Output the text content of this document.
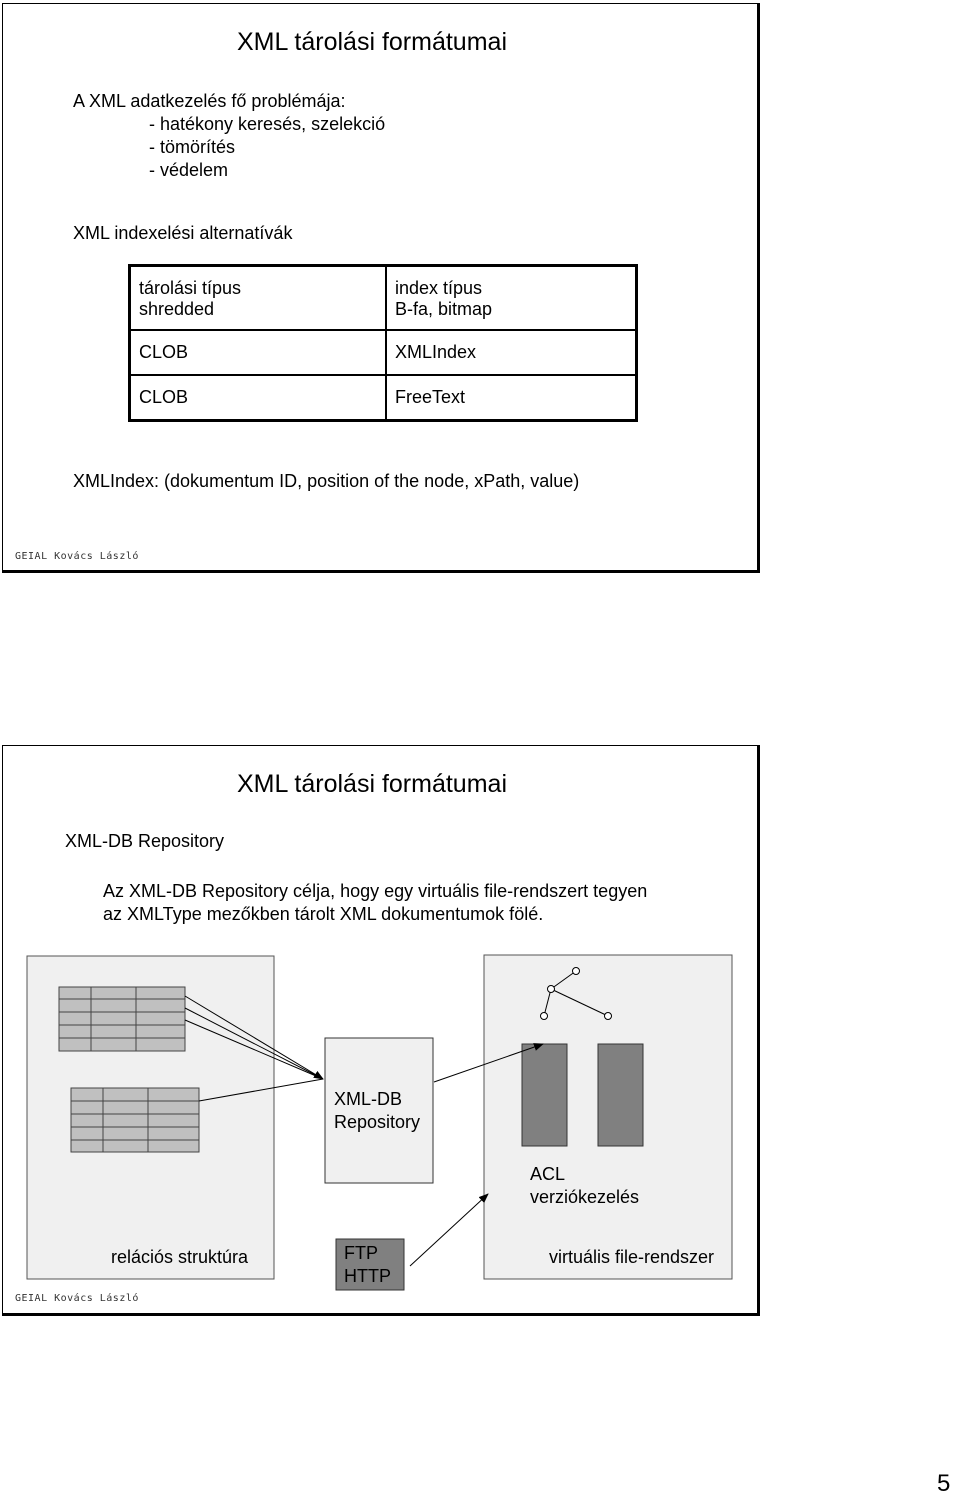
XML tárolási formátumai
A XML adatkezelés fő problémája:
- hatékony keresés, szelekció
- tömörítés
- védelem
XML indexelési alternatívák
tárolási típus	index típus
shredded	B-fa, bitmap
CLOB	XMLIndex
CLOB	FreeText
XMLIndex: (dokumentum ID, position of the node, xPath, value)
GEIAL Kovács László
XML tárolási formátumai
XML-DB Repository
Az XML-DB Repository célja, hogy egy virtuális file-rendszert tegyen
az XMLType mezőkben tárolt XML dokumentumok fölé.
XML-DB
Repository
ACL
verziókezelés
relációs struktúra	FTP
HTTP
virtuális file-rendszer
GEIAL Kovács László
5
